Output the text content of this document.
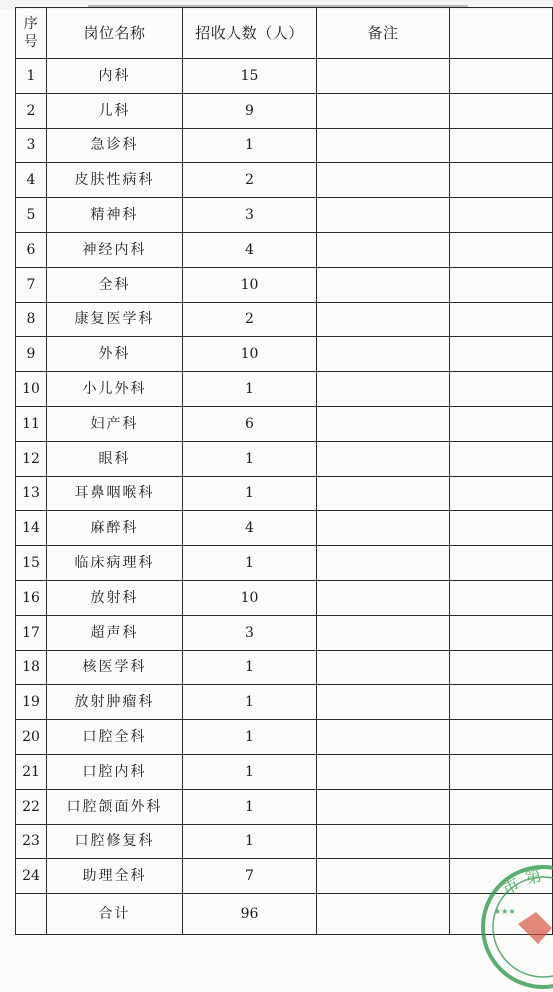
序号	岗位名称	招收人数（人）	备注	
1	内科	15		
2	儿科	9		
3	急诊科	1		
4	皮肤性病科	2		
5	精神科	3		
6	神经内科	4		
7	全科	10		
8	康复医学科	2		
9	外科	10		
10	小儿外科	1		
11	妇产科	6		
12	眼科	1		
13	耳鼻咽喉科	1		
14	麻醉科	4		
15	临床病理科	1		
16	放射科	10		
17	超声科	3		
18	核医学科	1		
19	放射肿瘤科	1		
20	口腔全科	1		
21	口腔内科	1		
22	口腔颌面外科	1		
23	口腔修复科	1		
24	助理全科	7		
	合计	96		
市 第
★★★
